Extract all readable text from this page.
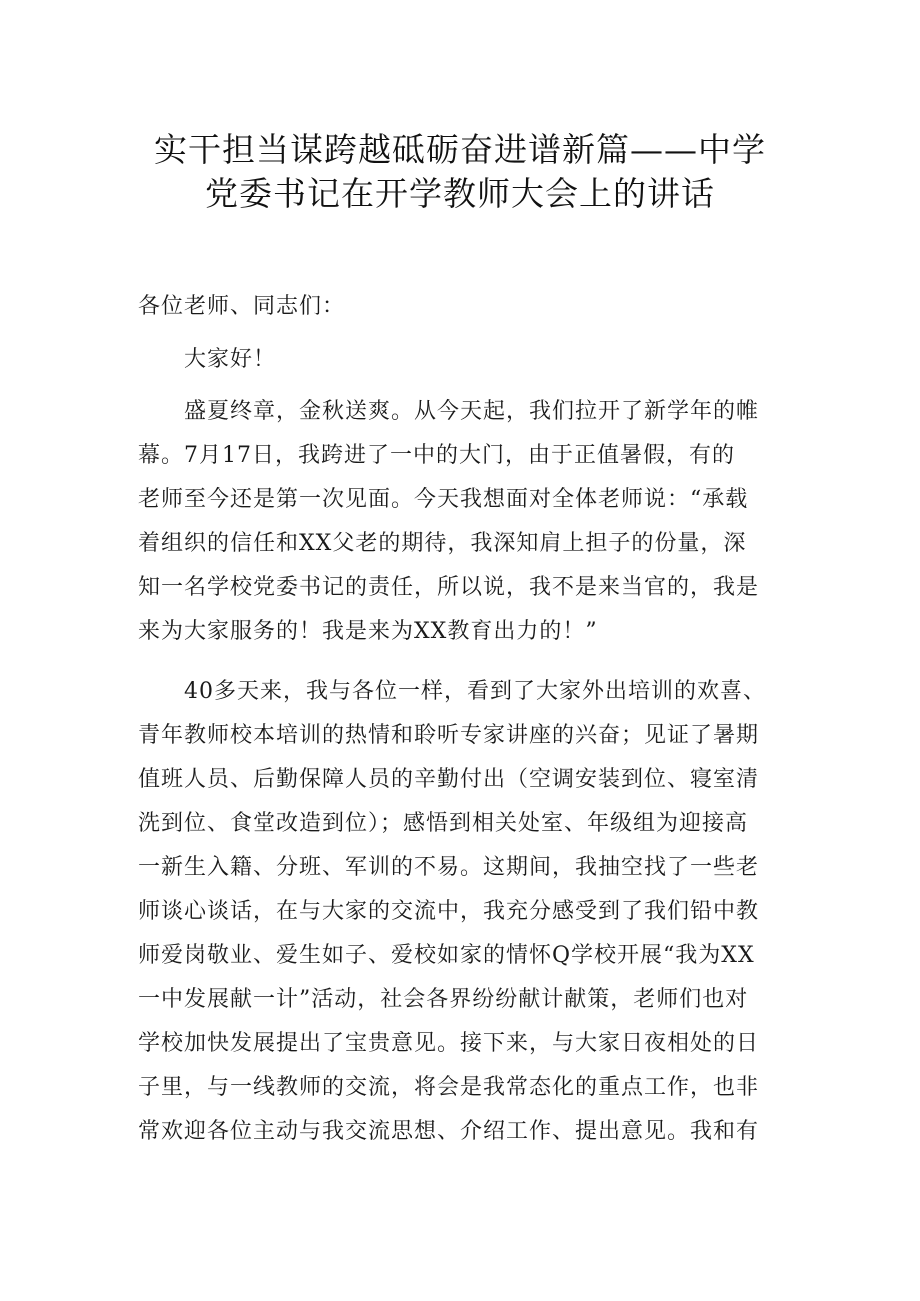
实干担当谋跨越砥砺奋进谱新篇——中学
党委书记在开学教师大会上的讲话
各位老师、同志们：
大家好！
盛夏终章，金秋送爽。从今天起，我们拉开了新学年的帷
幕。7月17日，我跨进了一中的大门，由于正值暑假，有的
老师至今还是第一次见面。今天我想面对全体老师说：“承载
着组织的信任和XX父老的期待，我深知肩上担子的份量，深
知一名学校党委书记的责任，所以说，我不是来当官的，我是
来为大家服务的！我是来为XX教育出力的！”
40多天来，我与各位一样，看到了大家外出培训的欢喜、
青年教师校本培训的热情和聆听专家讲座的兴奋；见证了暑期
值班人员、后勤保障人员的辛勤付出（空调安装到位、寝室清
洗到位、食堂改造到位）；感悟到相关处室、年级组为迎接高
一新生入籍、分班、军训的不易。这期间，我抽空找了一些老
师谈心谈话，在与大家的交流中，我充分感受到了我们铅中教
师爱岗敬业、爱生如子、爱校如家的情怀Q学校开展“我为XX
一中发展献一计”活动，社会各界纷纷献计献策，老师们也对
学校加快发展提出了宝贵意见。接下来，与大家日夜相处的日
子里，与一线教师的交流，将会是我常态化的重点工作，也非
常欢迎各位主动与我交流思想、介绍工作、提出意见。我和有
